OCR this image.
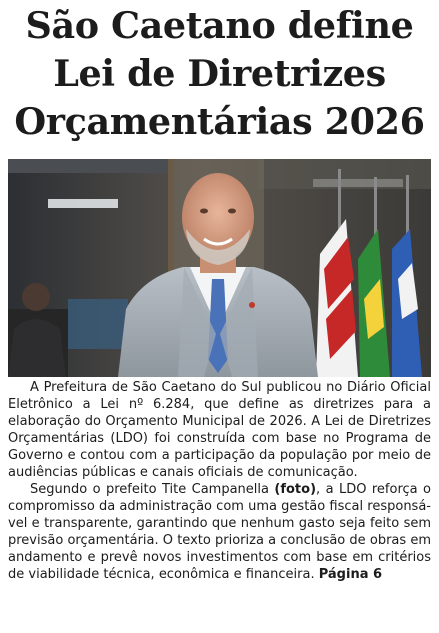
São Caetano define
Lei de Diretrizes
Orçamentárias 2026

A Prefeitura de São Caetano do Sul publicou no Diário Oficial Eletrônico a Lei nº 6.284, que define as diretrizes para a elaboração do Orçamento Municipal de 2026. A Lei de Diretrizes Orçamentárias (LDO) foi construída com base no Programa de Governo e contou com a participação da população por meio de audiências públicas e canais oficiais de comunicação.

Segundo o prefeito Tite Campanella (foto), a LDO reforça o compromisso da administração com uma gestão fiscal responsável e transparente, garantindo que nenhum gasto seja feito sem previsão orçamentária. O texto prioriza a conclusão de obras em andamento e prevê novos investimentos com base em critérios de viabilidade técnica, econômica e financeira. Página 6
